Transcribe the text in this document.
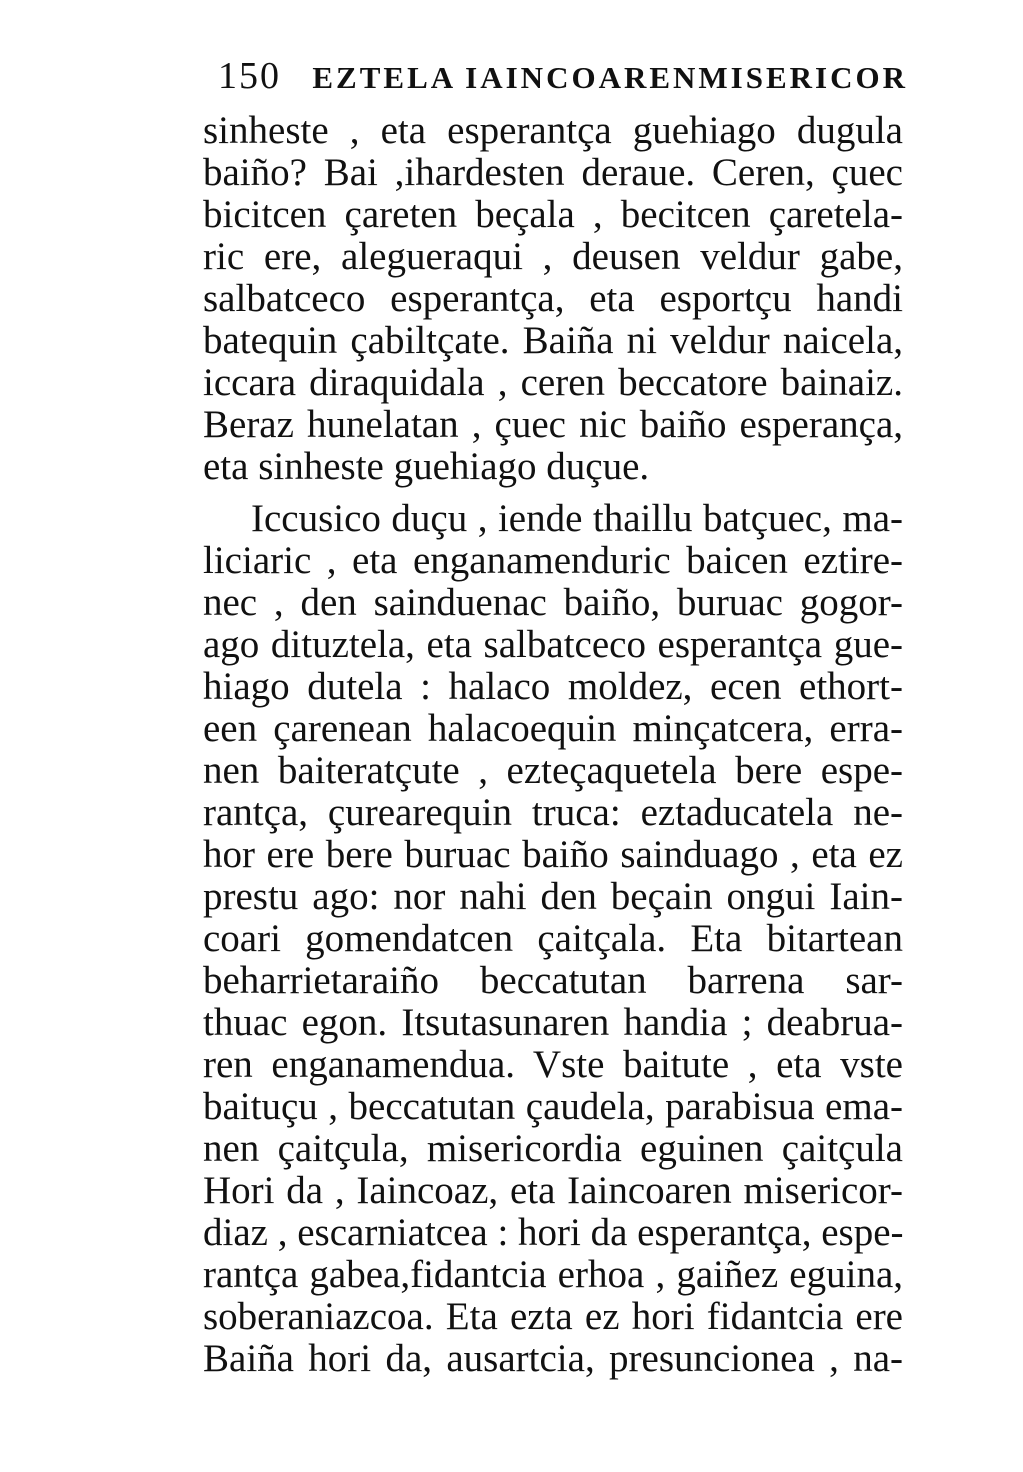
150	EZTELA IAINCOARENMISERICOR
sinheste , eta esperantça guehiago dugula
baiño? Bai ,ihardesten deraue. Ceren, çuec
bicitcen çareten beçala , becitcen çaretela-
ric ere, alegueraqui , deusen veldur gabe,
salbatceco esperantça, eta esportçu handi
batequin çabiltçate. Baiña ni veldur naicela,
iccara diraquidala , ceren beccatore bainaiz.
Beraz hunelatan , çuec nic baiño esperança,
eta sinheste guehiago duçue.
Iccusico duçu , iende thaillu batçuec, ma-
liciaric , eta enganamenduric baicen eztire-
nec , den sainduenac baiño, buruac gogor-
ago dituztela, eta salbatceco esperantça gue-
hiago dutela : halaco moldez, ecen ethort-
een çarenean halacoequin minçatcera, erra-
nen baiteratçute , ezteçaquetela bere espe-
rantça, çurearequin truca: eztaducatela ne-
hor ere bere buruac baiño sainduago , eta ez
prestu ago: nor nahi den beçain ongui Iain-
coari gomendatcen çaitçala. Eta bitartean
beharrietaraiño beccatutan barrena sar-
thuac egon. Itsutasunaren handia ; deabrua-
ren enganamendua. Vste baitute , eta vste
baituçu , beccatutan çaudela, parabisua ema-
nen çaitçula, misericordia eguinen çaitçula
Hori da , Iaincoaz, eta Iaincoaren misericor-
diaz , escarniatcea : hori da esperantça, espe-
rantça gabea,fidantcia erhoa , gaiñez eguina,
soberaniazcoa. Eta ezta ez hori fidantcia ere
Baiña hori da, ausartcia, presuncionea , na-
